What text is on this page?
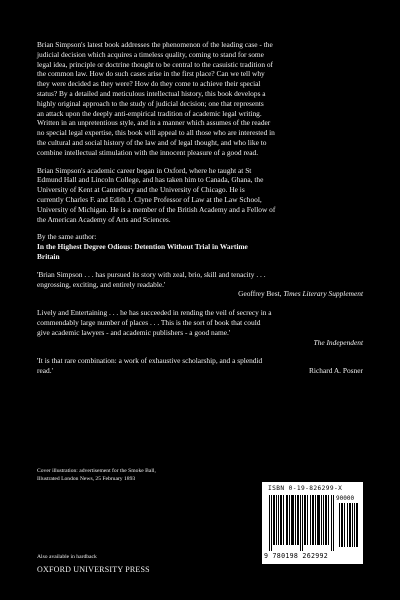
Brian Simpson's latest book addresses the phenomenon of the leading case - the
judicial decision which acquires a timeless quality, coming to stand for some
legal idea, principle or doctrine thought to be central to the casuistic tradition of
the common law. How do such cases arise in the first place? Can we tell why
they were decided as they were? How do they come to achieve their special
status? By a detailed and meticulous intellectual history, this book develops a
highly original approach to the study of judicial decision; one that represents
an attack upon the deeply anti-empirical tradition of academic legal writing.
Written in an unpretentious style, and in a manner which assumes of the reader
no special legal expertise, this book will appeal to all those who are interested in
the cultural and social history of the law and of legal thought, and who like to
combine intellectual stimulation with the innocent pleasure of a good read.

Brian Simpson's academic career began in Oxford, where he taught at St
Edmund Hall and Lincoln College, and has taken him to Canada, Ghana, the
University of Kent at Canterbury and the University of Chicago. He is
currently Charles F. and Edith J. Clyne Professor of Law at the Law School,
University of Michigan. He is a member of the British Academy and a Fellow of
the American Academy of Arts and Sciences.

By the same author:

In the Highest Degree Odious: Detention Without Trial in Wartime
Britain

'Brian Simpson . . . has pursued its story with zeal, brio, skill and tenacity . . .
engrossing, exciting, and entirely readable.'

Geoffrey Best, Times Literary Supplement

Lively and Entertaining . . . he has succeeded in rending the veil of secrecy in a
commendably large number of places . . . This is the sort of book that could
give academic lawyers - and academic publishers - a good name.'

The Independent

'It is that rare combination: a work of exhaustive scholarship, and a splendid
read.'	Richard A. Posner

Cover illustration: advertisement for the Smoke Ball,
Illustrated London News, 25 February 1893
ISBN 0-19-826299-X
90000
9 780198 262992
Also available in hardback
OXFORD UNIVERSITY PRESS
